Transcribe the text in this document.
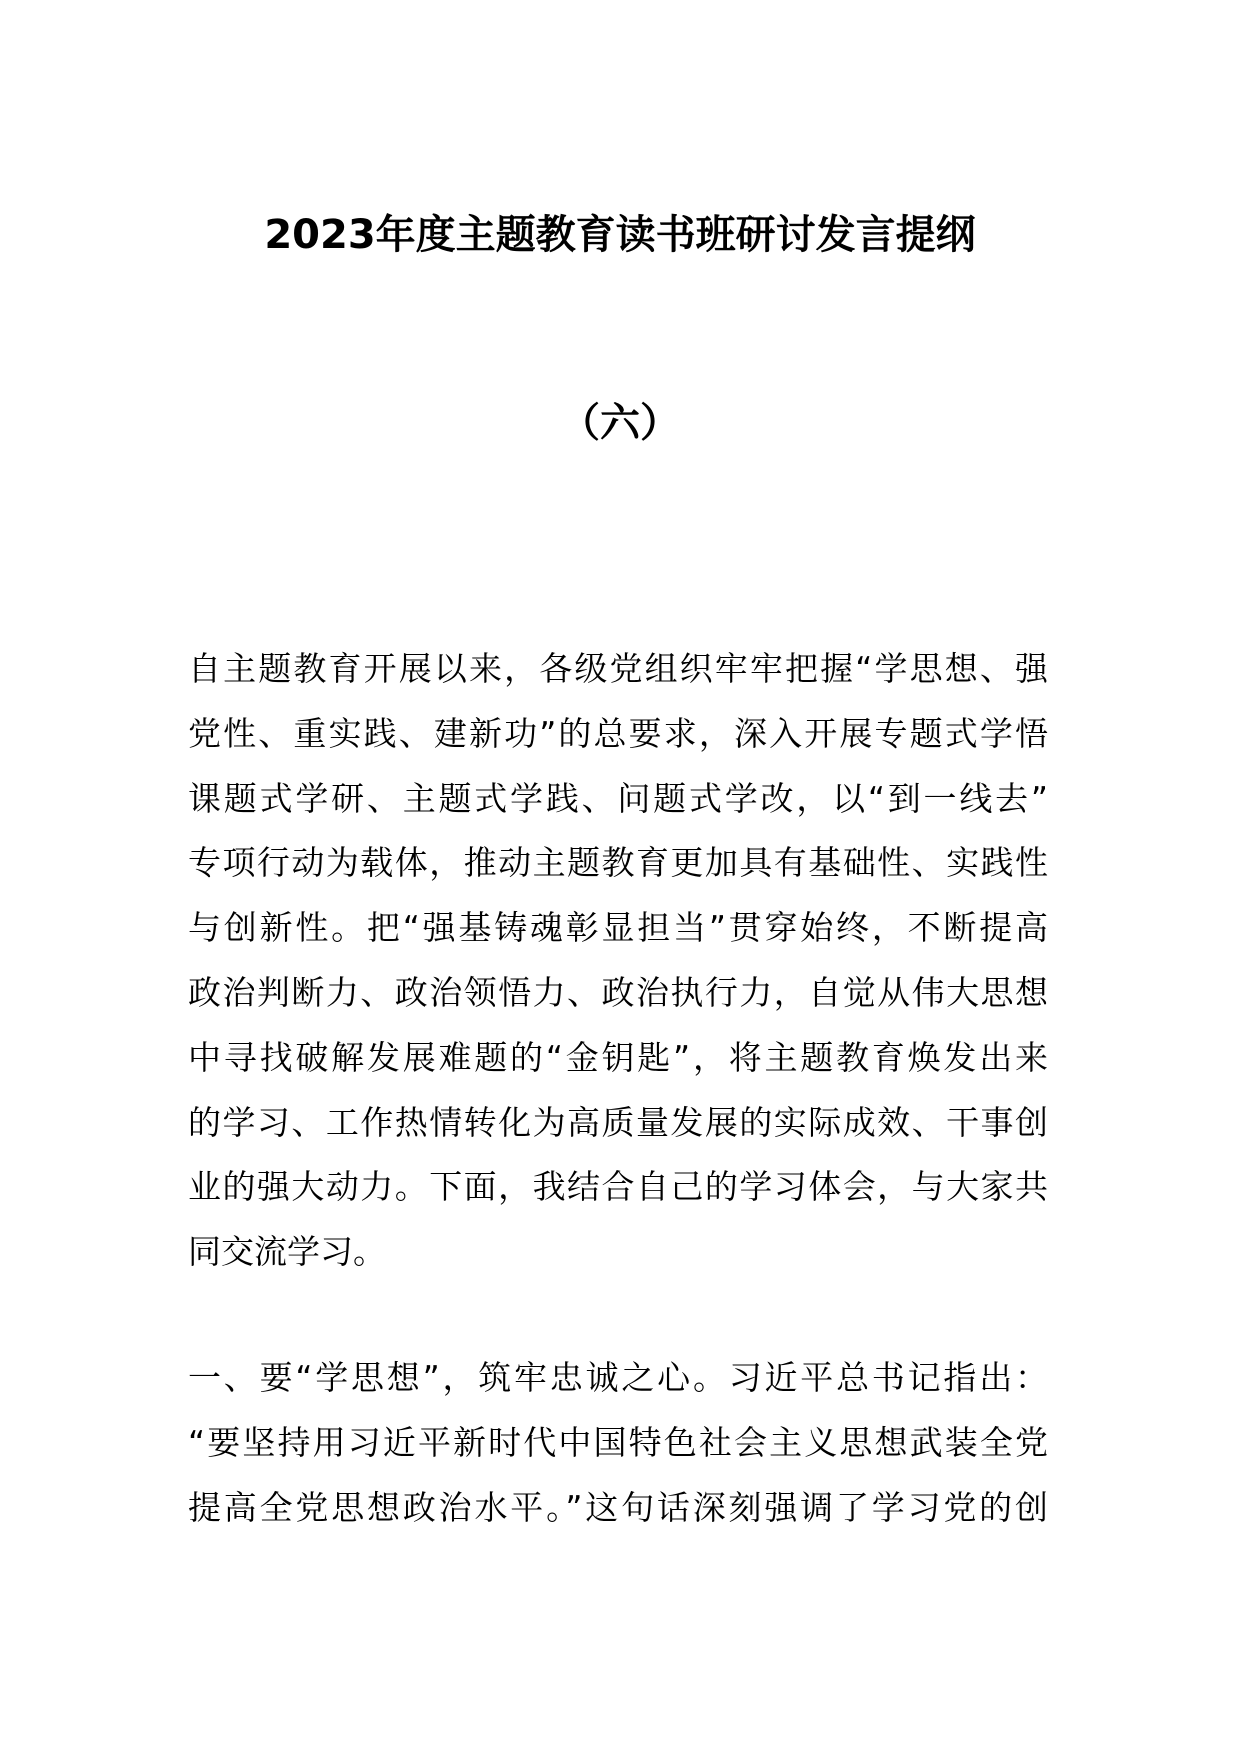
2023年度主题教育读书班研讨发言提纲
（六）
自主题教育开展以来，各级党组织牢牢把握“学思想、强
党性、重实践、建新功”的总要求，深入开展专题式学悟
课题式学研、主题式学践、问题式学改，以“到一线去”
专项行动为载体，推动主题教育更加具有基础性、实践性
与创新性。把“强基铸魂彰显担当”贯穿始终，不断提高
政治判断力、政治领悟力、政治执行力，自觉从伟大思想
中寻找破解发展难题的“金钥匙”，将主题教育焕发出来
的学习、工作热情转化为高质量发展的实际成效、干事创
业的强大动力。下面，我结合自己的学习体会，与大家共
同交流学习。
一、要“学思想”，筑牢忠诚之心。习近平总书记指出：
“要坚持用习近平新时代中国特色社会主义思想武装全党
提高全党思想政治水平。”这句话深刻强调了学习党的创
